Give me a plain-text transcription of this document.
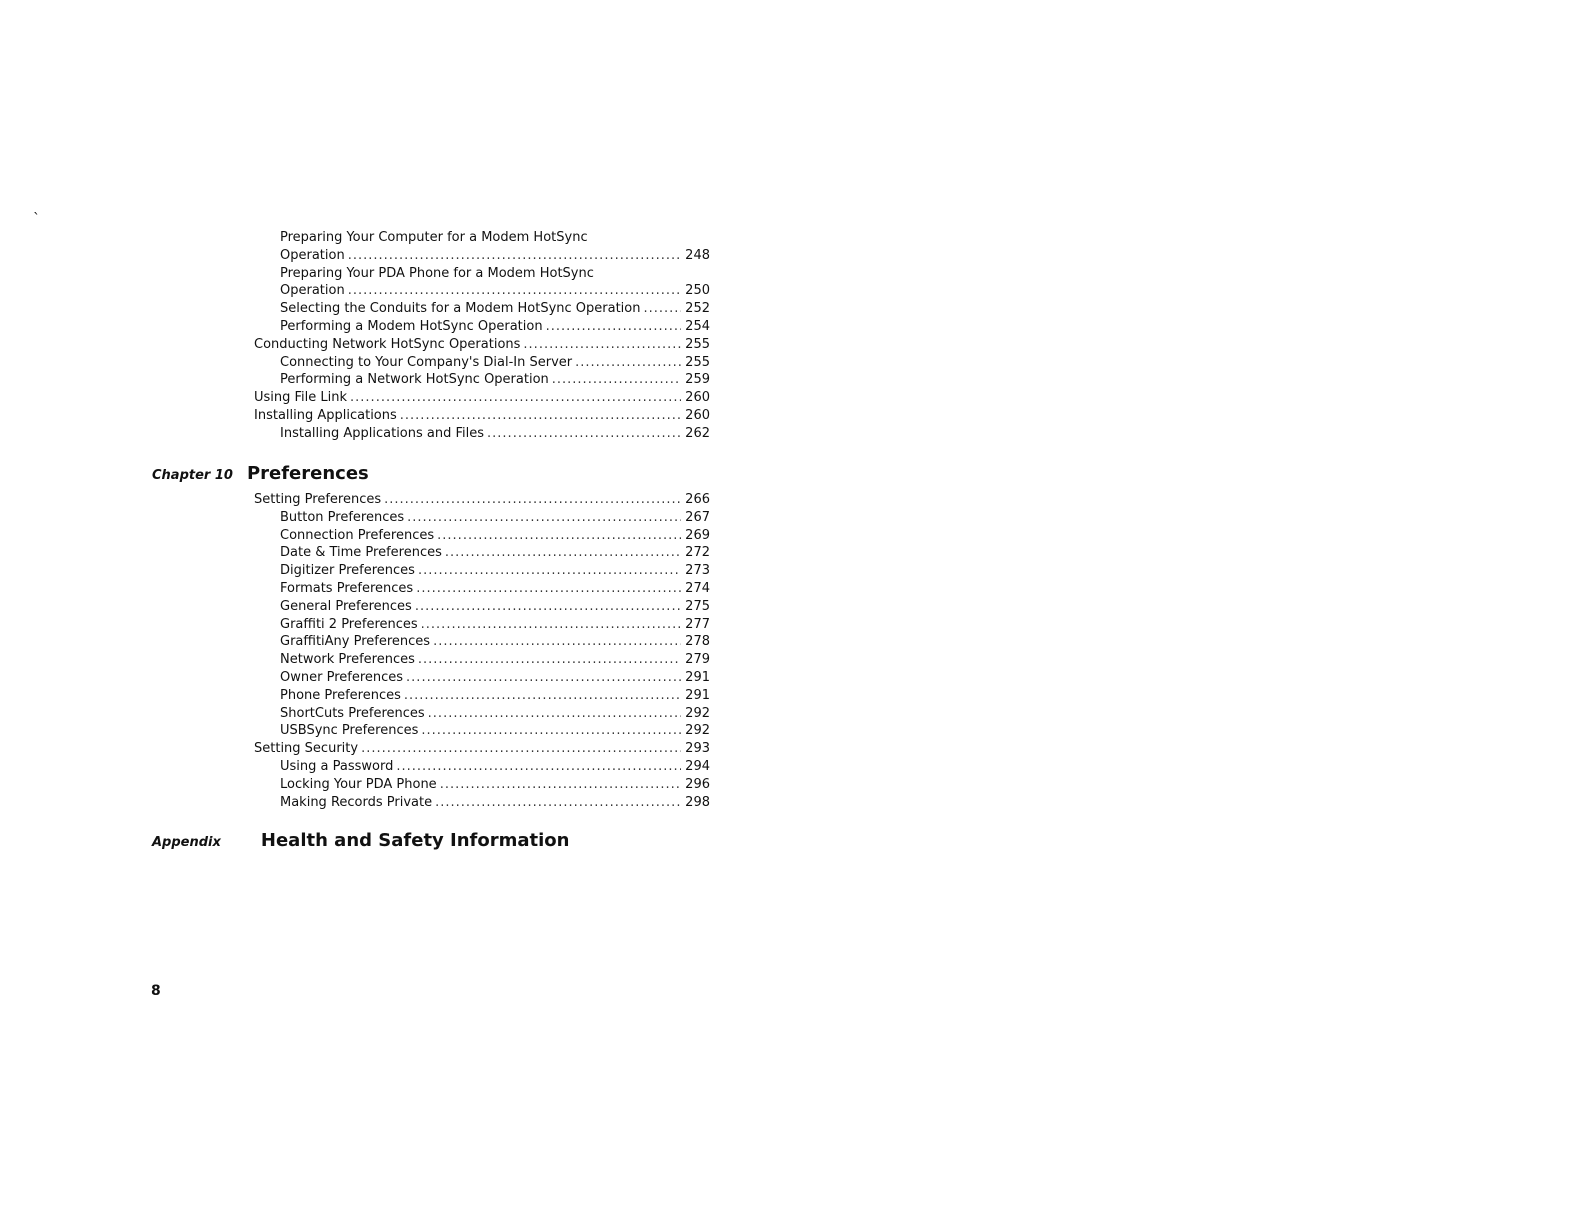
ˎ
Preparing Your Computer for a Modem HotSync
Operation .....	248
Preparing Your PDA Phone for a Modem HotSync
Operation .....	250
Selecting the Conduits for a Modem HotSync Operation .....	252
Performing a Modem HotSync Operation .....	254
Conducting Network HotSync Operations .....	255
Connecting to Your Company's Dial-In Server .....	255
Performing a Network HotSync Operation .....	259
Using File Link .....	260
Installing Applications .....	260
Installing Applications and Files .....	262
Chapter 10 Preferences
Setting Preferences .....	266
Button Preferences .....	267
Connection Preferences .....	269
Date & Time Preferences .....	272
Digitizer Preferences .....	273
Formats Preferences .....	274
General Preferences .....	275
Graffiti 2 Preferences .....	277
GraffitiAny Preferences .....	278
Network Preferences .....	279
Owner Preferences .....	291
Phone Preferences .....	291
ShortCuts Preferences .....	292
USBSync Preferences .....	292
Setting Security .....	293
Using a Password .....	294
Locking Your PDA Phone .....	296
Making Records Private .....	298
Appendix Health and Safety Information
8
